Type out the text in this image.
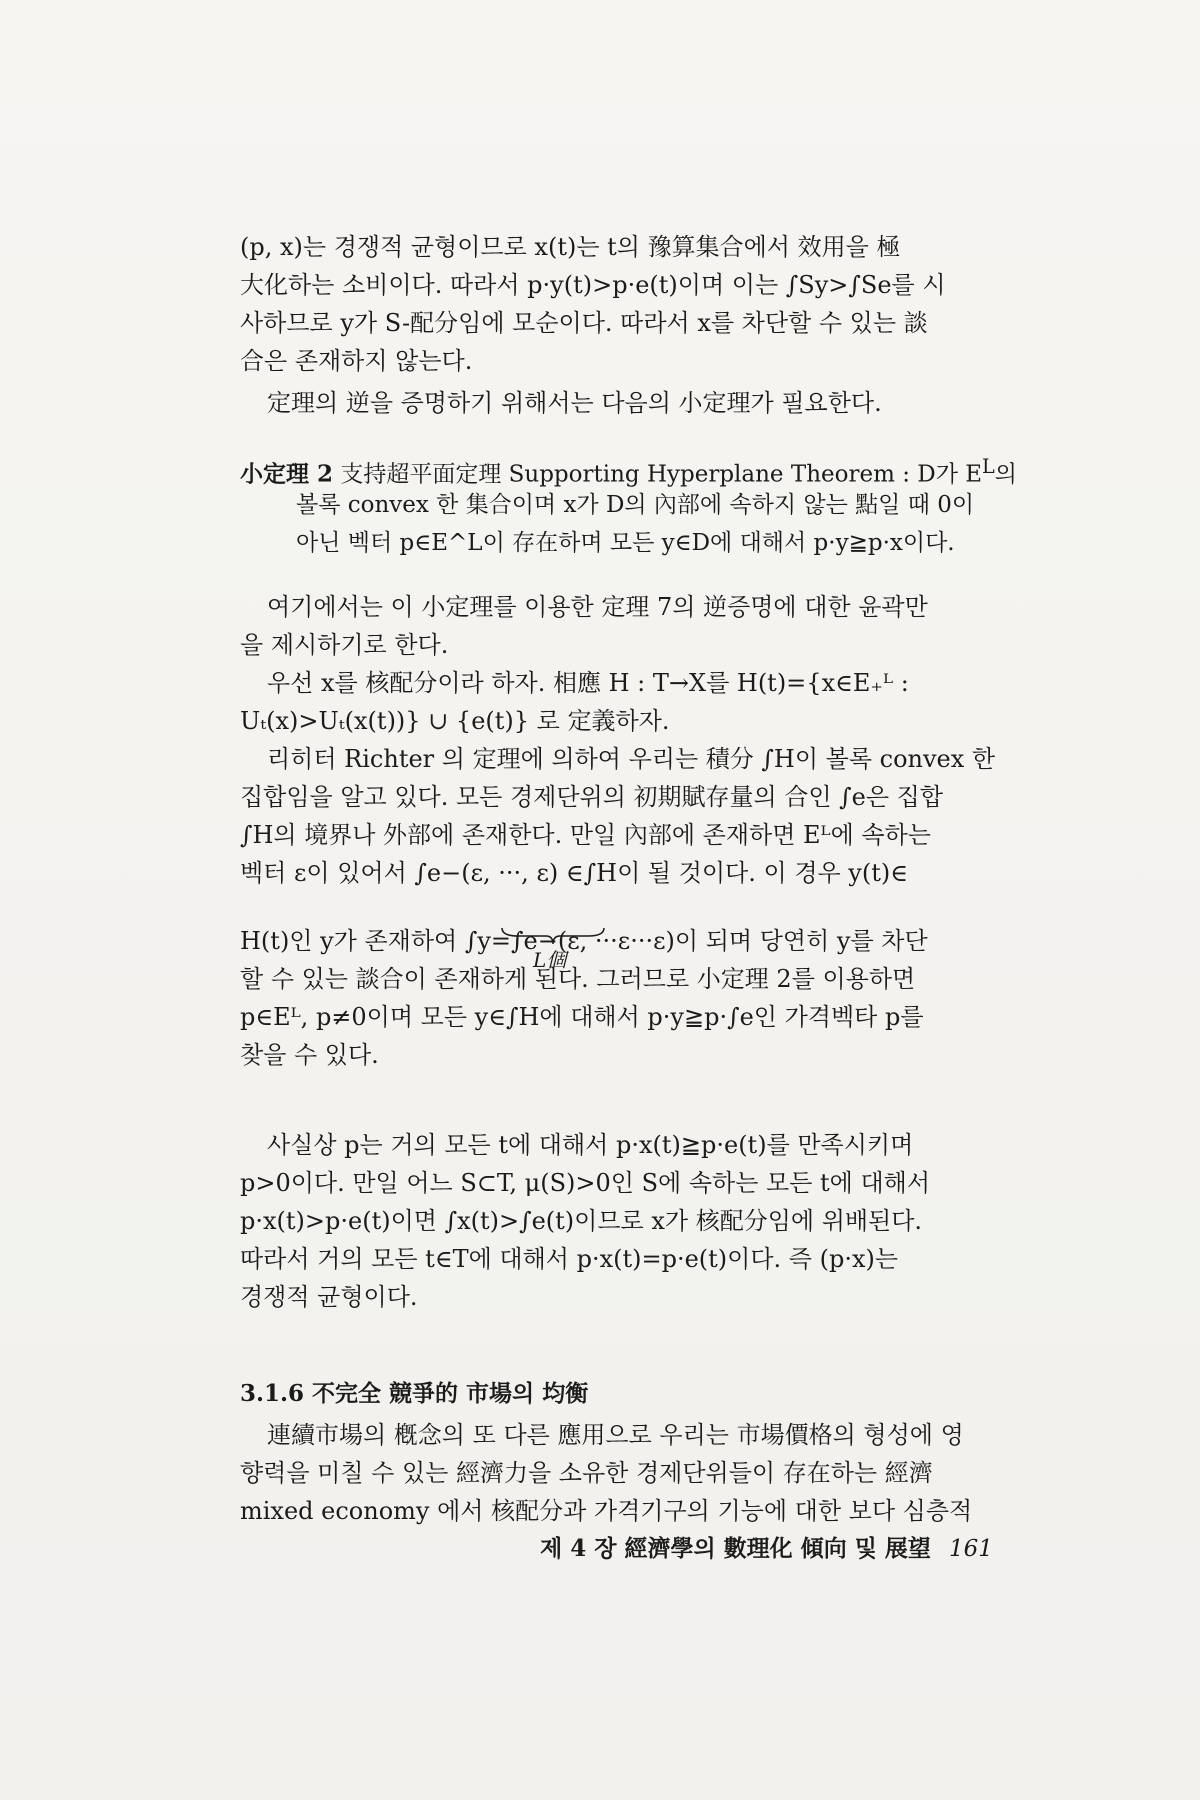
(p, x)는 경쟁적 균형이므로 x(t)는 t의 豫算集合에서 效用을 極
大化하는 소비이다. 따라서 p·y(t)>p·e(t)이며 이는 ∫Sy>∫Se를 시
사하므로 y가 S-配分임에 모순이다. 따라서 x를 차단할 수 있는 談
合은 존재하지 않는다.
定理의 逆을 증명하기 위해서는 다음의 小定理가 필요한다.
小定理 2 支持超平面定理 Supporting Hyperplane Theorem : D가 $E^L$의
볼록 convex 한 集合이며 x가 D의 內部에 속하지 않는 點일 때 0이
아닌 벡터 p∈E^L이 存在하며 모든 y∈D에 대해서 p·y≧p·x이다.
여기에서는 이 小定理를 이용한 定理 7의 逆증명에 대한 윤곽만
을 제시하기로 한다.
우선 x를 核配分이라 하자. 相應 H : T→X를 H(t)={x∈E₊ᴸ :
Uₜ(x)>Uₜ(x(t))} ∪ {e(t)} 로 定義하자.
리히터 Richter 의 定理에 의하여 우리는 積分 ∫H이 볼록 convex 한
집합임을 알고 있다. 모든 경제단위의 初期賦存量의 合인 ∫e은 집합
∫H의 境界나 外部에 존재한다. 만일 內部에 존재하면 Eᴸ에 속하는
벡터 ε이 있어서 ∫e−(ε, ···, ε) ∈∫H이 될 것이다. 이 경우 y(t)∈
H(t)인 y가 존재하여 ∫y=∫e−(ε, ···ε···ε)이 되며 당연히 y를 차단
할 수 있는 談合이 존재하게 된다. 그러므로 小定理 2를 이용하면
p∈Eᴸ, p≠0이며 모든 y∈∫H에 대해서 p·y≧p·∫e인 가격벡타 p를
찾을 수 있다.
L個
사실상 p는 거의 모든 t에 대해서 p·x(t)≧p·e(t)를 만족시키며
p>0이다. 만일 어느 S⊂T, μ(S)>0인 S에 속하는 모든 t에 대해서
p·x(t)>p·e(t)이면 ∫x(t)>∫e(t)이므로 x가 核配分임에 위배된다.
따라서 거의 모든 t∈T에 대해서 p·x(t)=p·e(t)이다. 즉 (p·x)는
경쟁적 균형이다.
3.1.6 不完全 競爭的 市場의 均衡
連續市場의 槪念의 또 다른 應用으로 우리는 市場價格의 형성에 영
향력을 미칠 수 있는 經濟力을 소유한 경제단위들이 存在하는 經濟
mixed economy 에서 核配分과 가격기구의 기능에 대한 보다 심층적
제 4 장 經濟學의 數理化 傾向 및 展望 161
